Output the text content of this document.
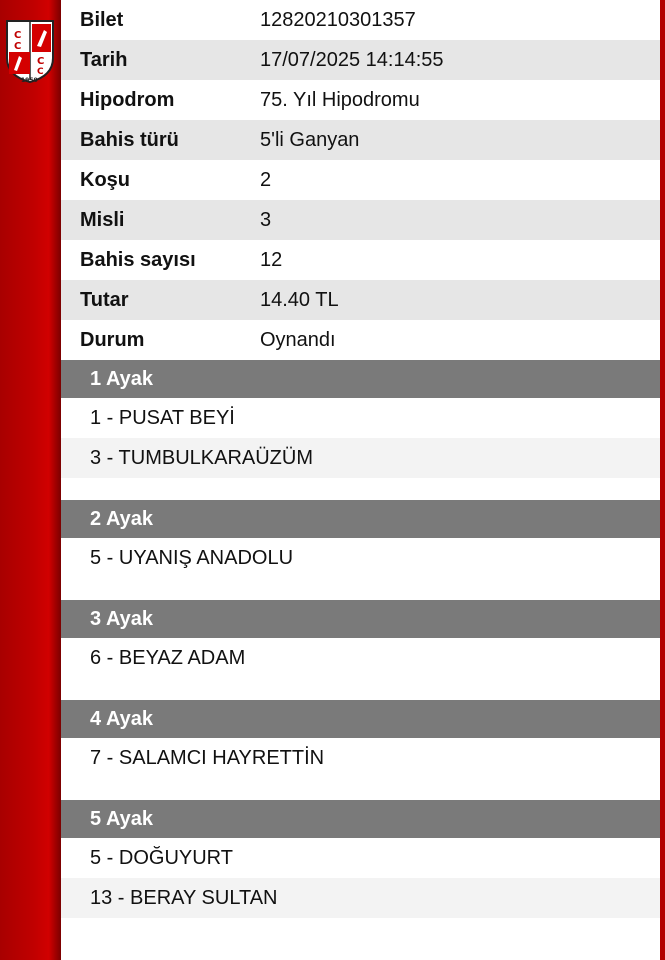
C
C
C
C
1950
Bilet	12820210301357
Tarih	17/07/2025 14:14:55
Hipodrom	75. Yıl Hipodromu
Bahis türü	5'li Ganyan
Koşu	2
Misli	3
Bahis sayısı	12
Tutar	14.40 TL
Durum	Oynandı
1 Ayak
1 - PUSAT BEYİ
3 - TUMBULKARAÜZÜM
2 Ayak
5 - UYANIŞ ANADOLU
3 Ayak
6 - BEYAZ ADAM
4 Ayak
7 - SALAMCI HAYRETTİN
5 Ayak
5 - DOĞUYURT
13 - BERAY SULTAN
